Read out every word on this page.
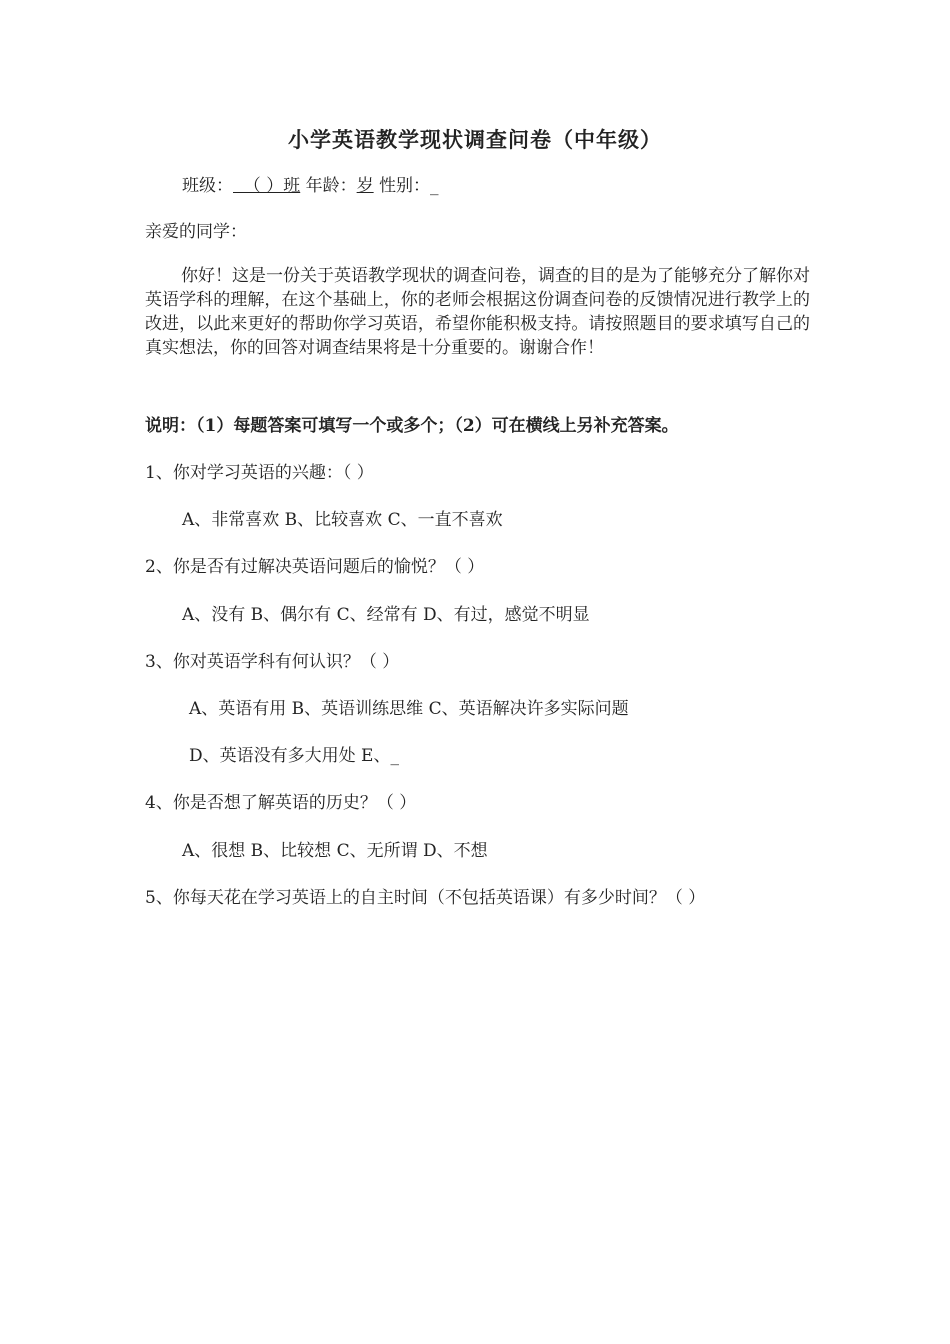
小学英语教学现状调查问卷（中年级）
班级：  （ ）班 年龄：岁 性别：_
亲爱的同学：
你好！这是一份关于英语教学现状的调查问卷，调查的目的是为了能够充分了解你对英语学科的理解，在这个基础上，你的老师会根据这份调查问卷的反馈情况进行教学上的改进，以此来更好的帮助你学习英语，希望你能积极支持。请按照题目的要求填写自己的真实想法，你的回答对调查结果将是十分重要的。谢谢合作！
说明：（1）每题答案可填写一个或多个；（2）可在横线上另补充答案。
1、你对学习英语的兴趣：（ ）
A、非常喜欢 B、比较喜欢 C、一直不喜欢
2、你是否有过解决英语问题后的愉悦？（ ）
A、没有 B、偶尔有 C、经常有 D、有过，感觉不明显
3、你对英语学科有何认识？（ ）
A、英语有用 B、英语训练思维 C、英语解决许多实际问题
D、英语没有多大用处 E、_
4、你是否想了解英语的历史？（ ）
A、很想 B、比较想 C、无所谓 D、不想
5、你每天花在学习英语上的自主时间（不包括英语课）有多少时间？（ ）
